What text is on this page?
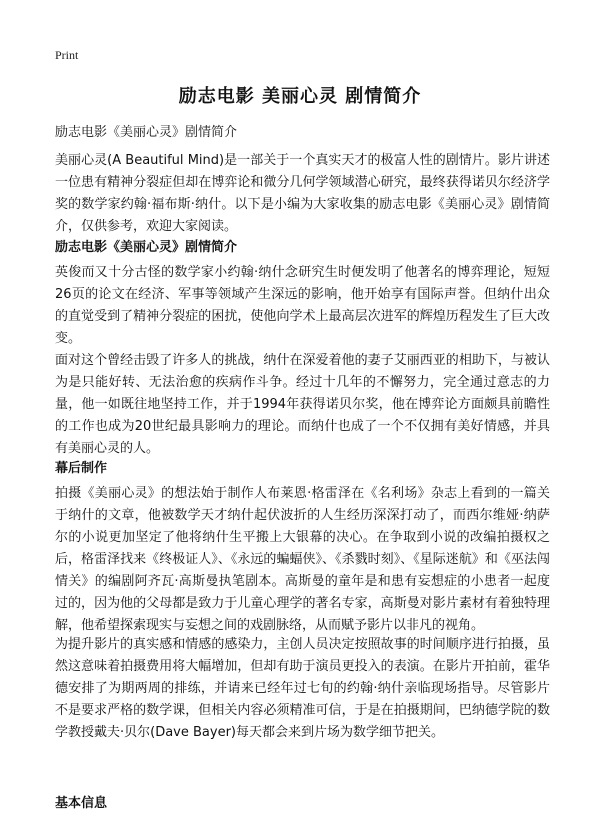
Print
励志电影 美丽心灵 剧情简介
励志电影《美丽心灵》剧情简介

美丽心灵(A Beautiful Mind)是一部关于一个真实天才的极富人性的剧情片。影片讲述一位患有精神分裂症但却在博弈论和微分几何学领域潜心研究，最终获得诺贝尔经济学奖的数学家约翰·福布斯·纳什。以下是小编为大家收集的励志电影《美丽心灵》剧情简介，仅供参考，欢迎大家阅读。

励志电影《美丽心灵》剧情简介

英俊而又十分古怪的数学家小约翰·纳什念研究生时便发明了他著名的博弈理论，短短26页的论文在经济、军事等领域产生深远的影响，他开始享有国际声誉。但纳什出众的直觉受到了精神分裂症的困扰，使他向学术上最高层次进军的辉煌历程发生了巨大改变。

面对这个曾经击毁了许多人的挑战，纳什在深爱着他的妻子艾丽西亚的相助下，与被认为是只能好转、无法治愈的疾病作斗争。经过十几年的不懈努力，完全通过意志的力量，他一如既往地坚持工作，并于1994年获得诺贝尔奖，他在博弈论方面颇具前瞻性的工作也成为20世纪最具影响力的理论。而纳什也成了一个不仅拥有美好情感，并具有美丽心灵的人。

幕后制作

拍摄《美丽心灵》的想法始于制作人布莱恩·格雷泽在《名利场》杂志上看到的一篇关于纳什的文章，他被数学天才纳什起伏波折的人生经历深深打动了，而西尔维娅·纳萨尔的小说更加坚定了他将纳什生平搬上大银幕的决心。在争取到小说的改编拍摄权之后，格雷泽找来《终极证人》、《永远的蝙蝠侠》、《杀戮时刻》、《星际迷航》和《巫法闯情关》的编剧阿齐瓦·高斯曼执笔剧本。高斯曼的童年是和患有妄想症的小患者一起度过的，因为他的父母都是致力于儿童心理学的著名专家，高斯曼对影片素材有着独特理解，他希望探索现实与妄想之间的戏剧脉络，从而赋予影片以非凡的视角。

为提升影片的真实感和情感的感染力，主创人员决定按照故事的时间顺序进行拍摄，虽然这意味着拍摄费用将大幅增加，但却有助于演员更投入的表演。在影片开拍前，霍华德安排了为期两周的排练，并请来已经年过七旬的约翰·纳什亲临现场指导。尽管影片不是要求严格的数学课，但相关内容必须精准可信，于是在拍摄期间，巴纳德学院的数学教授戴夫·贝尔(Dave Bayer)每天都会来到片场为数学细节把关。

基本信息
